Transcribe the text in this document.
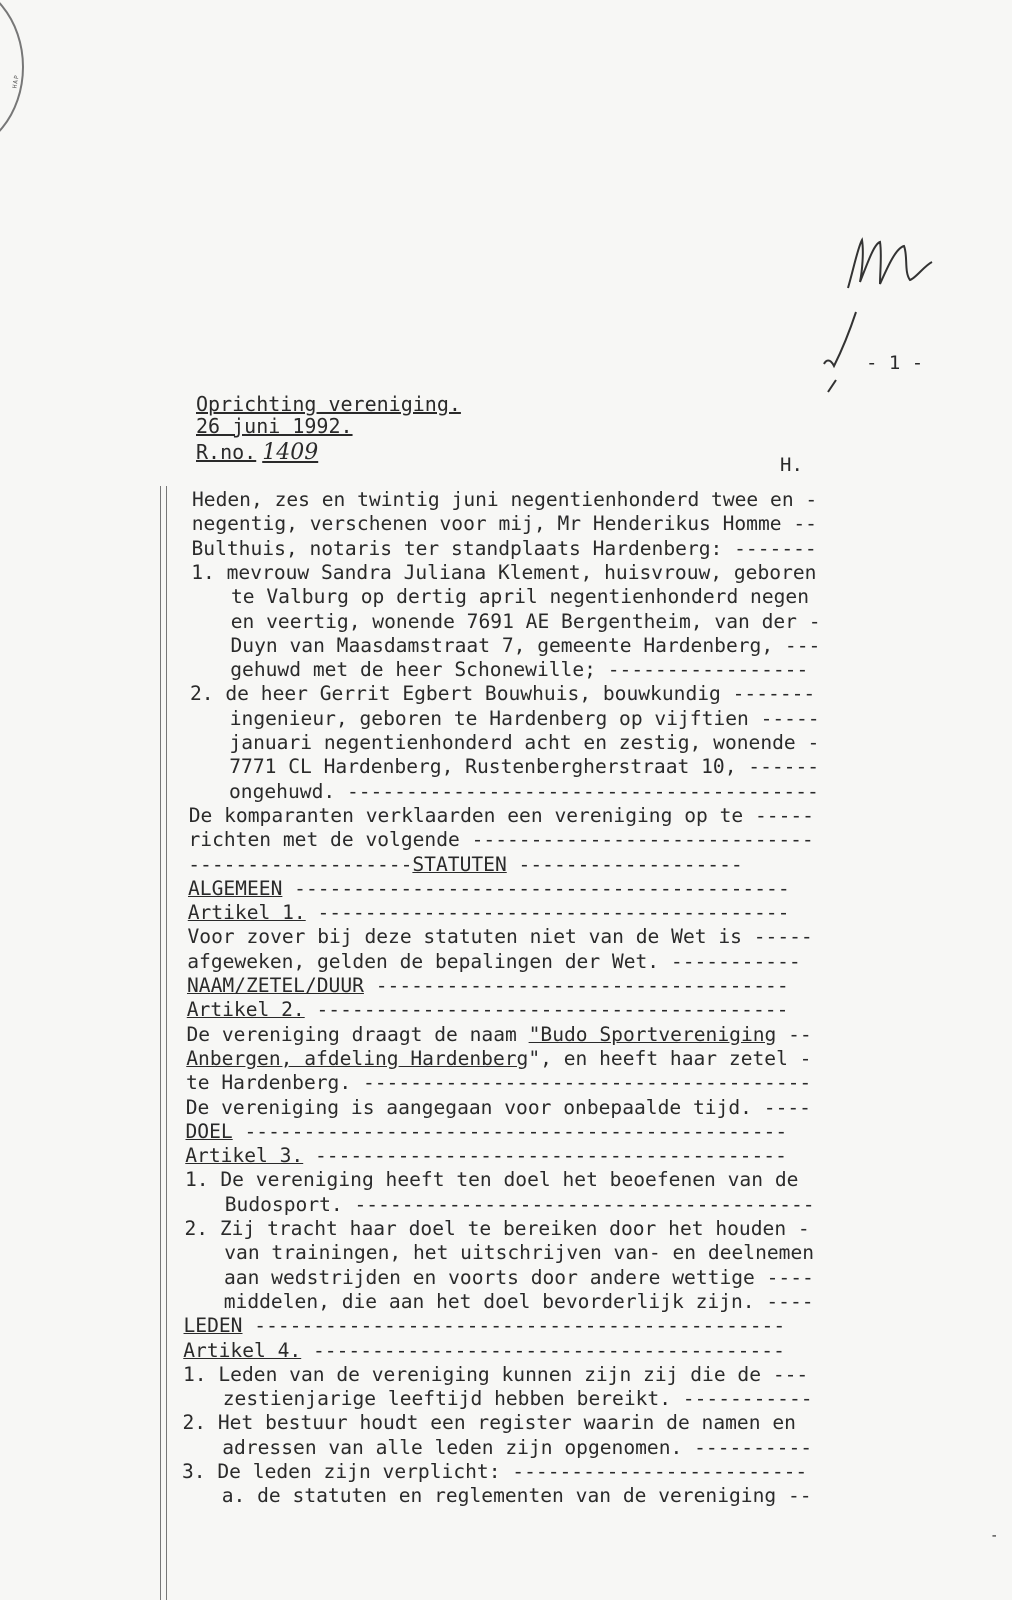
HAP
- 1 -
Oprichting vereniging.
26 juni 1992.
R.no. 1409	H.
Heden, zes en twintig juni negentienhonderd twee en -
negentig, verschenen voor mij, Mr Henderikus Homme --
Bulthuis, notaris ter standplaats Hardenberg: -------
1. mevrouw Sandra Juliana Klement, huisvrouw, geboren
te Valburg op dertig april negentienhonderd negen
en veertig, wonende 7691 AE Bergentheim, van der -
Duyn van Maasdamstraat 7, gemeente Hardenberg, ---
gehuwd met de heer Schonewille; -----------------
2. de heer Gerrit Egbert Bouwhuis, bouwkundig -------
ingenieur, geboren te Hardenberg op vijftien -----
januari negentienhonderd acht en zestig, wonende -
7771 CL Hardenberg, Rustenbergherstraat 10, ------
ongehuwd. ----------------------------------------
De komparanten verklaarden een vereniging op te -----
richten met de volgende -----------------------------
-------------------STATUTEN -------------------
ALGEMEEN ------------------------------------------
Artikel 1. ----------------------------------------
Voor zover bij deze statuten niet van de Wet is -----
afgeweken, gelden de bepalingen der Wet. -----------
NAAM/ZETEL/DUUR -----------------------------------
Artikel 2. ----------------------------------------
De vereniging draagt de naam "Budo Sportvereniging --
Anbergen, afdeling Hardenberg", en heeft haar zetel -
te Hardenberg. --------------------------------------
De vereniging is aangegaan voor onbepaalde tijd. ----
DOEL ----------------------------------------------
Artikel 3. ----------------------------------------
1. De vereniging heeft ten doel het beoefenen van de
Budosport. ---------------------------------------
2. Zij tracht haar doel te bereiken door het houden -
van trainingen, het uitschrijven van- en deelnemen
aan wedstrijden en voorts door andere wettige ----
middelen, die aan het doel bevorderlijk zijn. ----
LEDEN ---------------------------------------------
Artikel 4. ----------------------------------------
1. Leden van de vereniging kunnen zijn zij die de ---
zestienjarige leeftijd hebben bereikt. -----------
2. Het bestuur houdt een register waarin de namen en
adressen van alle leden zijn opgenomen. ----------
3. De leden zijn verplicht: -------------------------
a. de statuten en reglementen van de vereniging --
-
